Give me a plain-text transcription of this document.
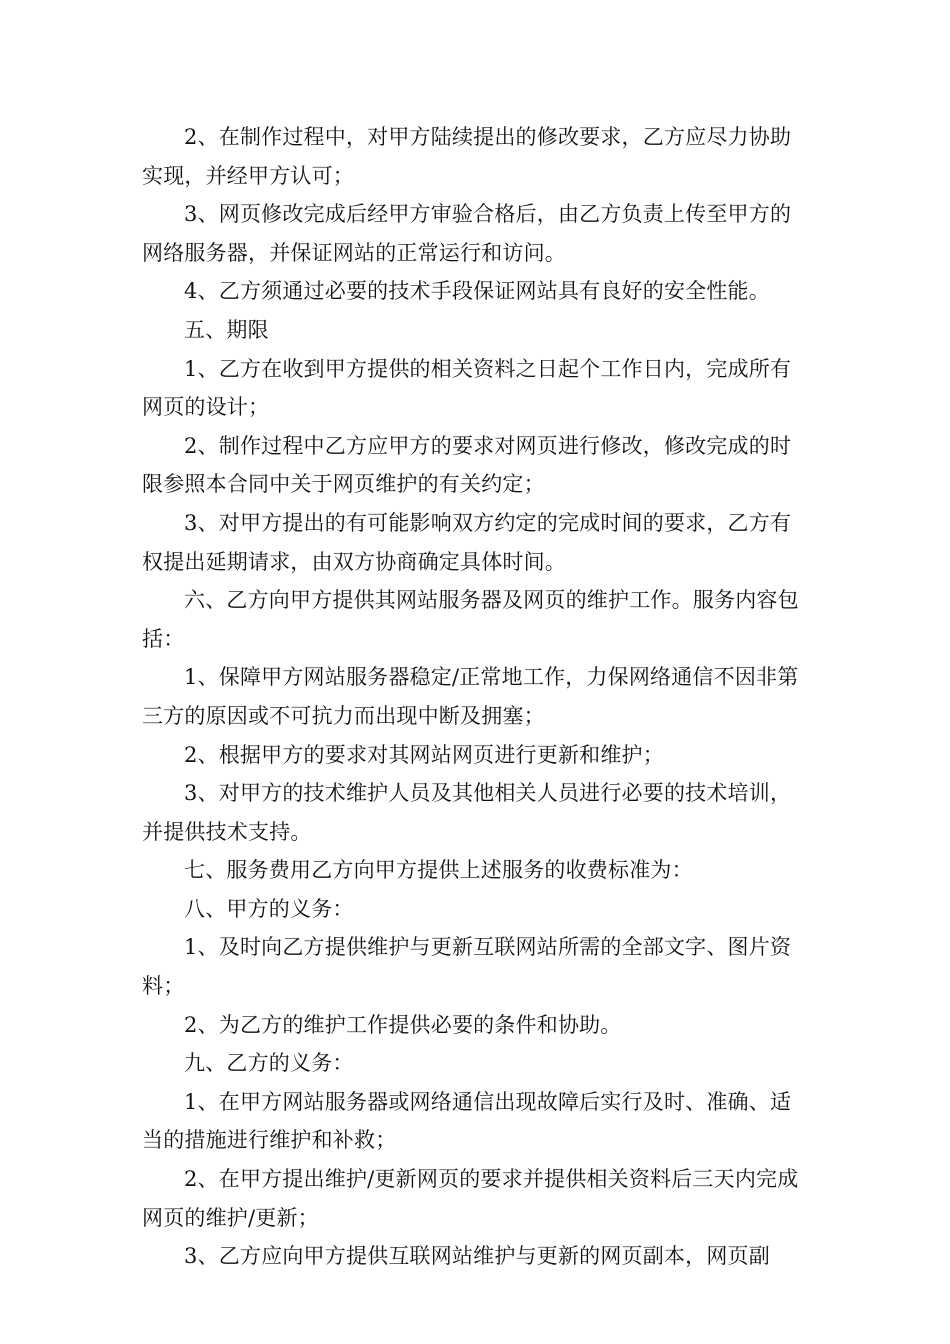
2、在制作过程中，对甲方陆续提出的修改要求，乙方应尽力协助实现，并经甲方认可；

3、网页修改完成后经甲方审验合格后，由乙方负责上传至甲方的网络服务器，并保证网站的正常运行和访问。

4、乙方须通过必要的技术手段保证网站具有良好的安全性能。

五、期限

1、乙方在收到甲方提供的相关资料之日起个工作日内，完成所有网页的设计；

2、制作过程中乙方应甲方的要求对网页进行修改，修改完成的时限参照本合同中关于网页维护的有关约定；

3、对甲方提出的有可能影响双方约定的完成时间的要求，乙方有权提出延期请求，由双方协商确定具体时间。

六、乙方向甲方提供其网站服务器及网页的维护工作。服务内容包括：

1、保障甲方网站服务器稳定/正常地工作，力保网络通信不因非第三方的原因或不可抗力而出现中断及拥塞；

2、根据甲方的要求对其网站网页进行更新和维护；

3、对甲方的技术维护人员及其他相关人员进行必要的技术培训，并提供技术支持。

七、服务费用乙方向甲方提供上述服务的收费标准为：

八、甲方的义务：

1、及时向乙方提供维护与更新互联网站所需的全部文字、图片资料；

2、为乙方的维护工作提供必要的条件和协助。

九、乙方的义务：

1、在甲方网站服务器或网络通信出现故障后实行及时、准确、适当的措施进行维护和补救；

2、在甲方提出维护/更新网页的要求并提供相关资料后三天内完成网页的维护/更新；

3、乙方应向甲方提供互联网站维护与更新的网页副本，网页副
